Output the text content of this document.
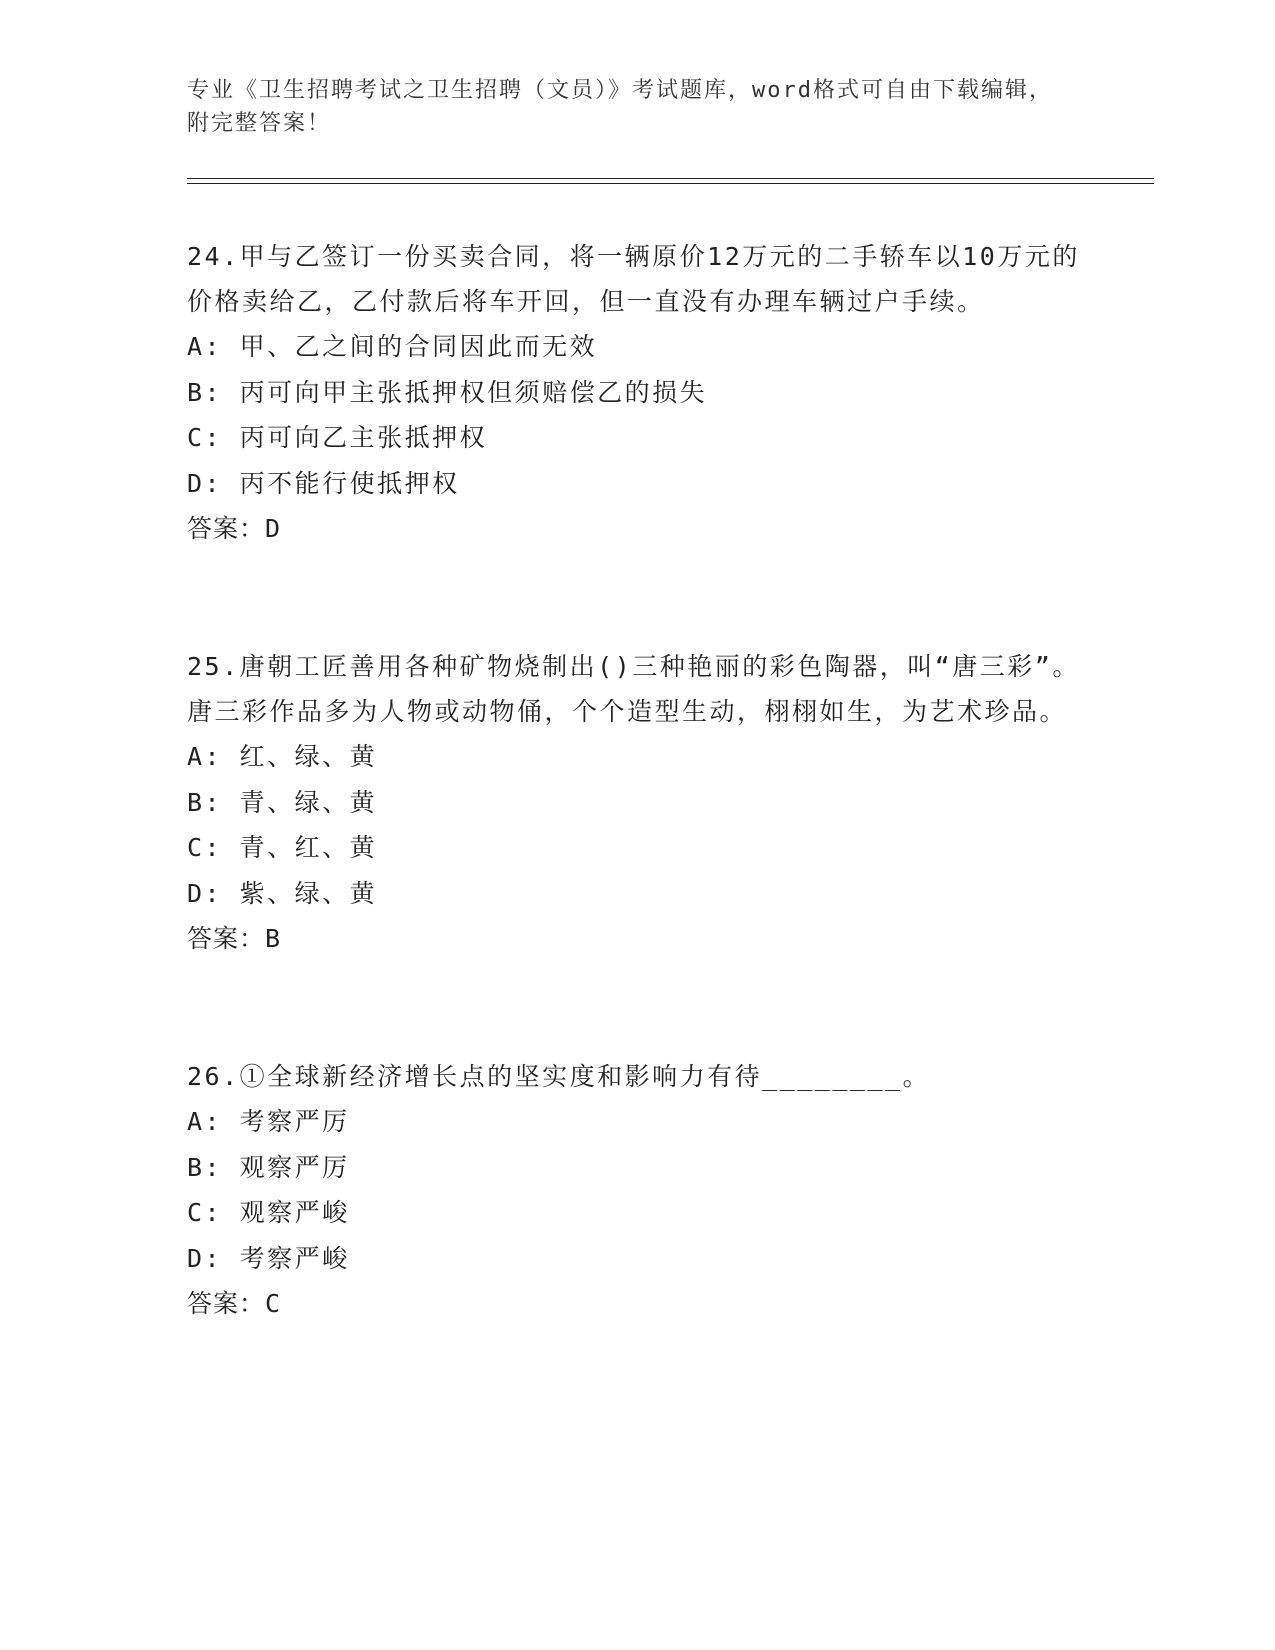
专业《卫生招聘考试之卫生招聘（文员）》考试题库，word格式可自由下载编辑，附完整答案！

24.甲与乙签订一份买卖合同，将一辆原价12万元的二手轿车以10万元的价格卖给乙，乙付款后将车开回，但一直没有办理车辆过户手续。

A: 甲、乙之间的合同因此而无效

B: 丙可向甲主张抵押权但须赔偿乙的损失

C: 丙可向乙主张抵押权

D: 丙不能行使抵押权

答案：D

25.唐朝工匠善用各种矿物烧制出()三种艳丽的彩色陶器，叫“唐三彩”。唐三彩作品多为人物或动物俑，个个造型生动，栩栩如生，为艺术珍品。

A: 红、绿、黄

B: 青、绿、黄

C: 青、红、黄

D: 紫、绿、黄

答案：B

26.①全球新经济增长点的坚实度和影响力有待________。

A: 考察严厉

B: 观察严厉

C: 观察严峻

D: 考察严峻

答案：C
